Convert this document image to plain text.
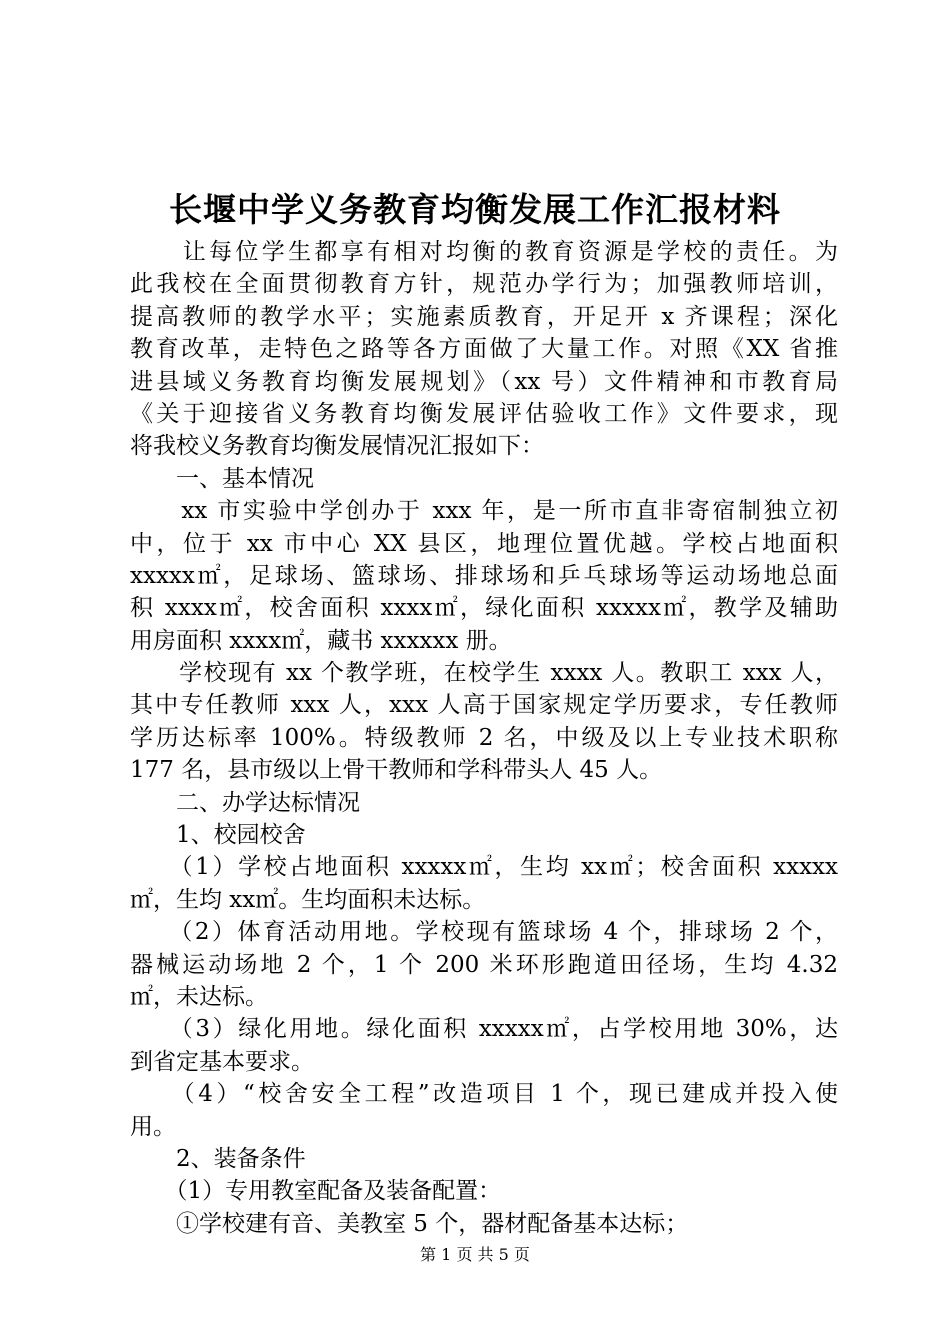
长堰中学义务教育均衡发展工作汇报材料
　　让每位学生都享有相对均衡的教育资源是学校的责任。为
此我校在全面贯彻教育方针，规范办学行为；加强教师培训，
提高教师的教学水平；实施素质教育，开足开 x 齐课程；深化
教育改革，走特色之路等各方面做了大量工作。对照《XX 省推
进县域义务教育均衡发展规划》（xx 号）文件精神和市教育局
《关于迎接省义务教育均衡发展评估验收工作》文件要求，现
将我校义务教育均衡发展情况汇报如下：
　　一、基本情况
　　xx 市实验中学创办于 xxx 年，是一所市直非寄宿制独立初
中，位于 xx 市中心 XX 县区，地理位置优越。学校占地面积
xxxxx㎡，足球场、篮球场、排球场和乒乓球场等运动场地总面
积 xxxx㎡，校舍面积 xxxx㎡，绿化面积 xxxxx㎡，教学及辅助
用房面积 xxxx㎡，藏书 xxxxxx 册。
　　学校现有 xx 个教学班，在校学生 xxxx 人。教职工 xxx 人，
其中专任教师 xxx 人，xxx 人高于国家规定学历要求，专任教师
学历达标率 100%。特级教师 2 名，中级及以上专业技术职称
177 名，县市级以上骨干教师和学科带头人 45 人。
　　二、办学达标情况
　　1、校园校舍
　　（1）学校占地面积 xxxxx㎡，生均 xx㎡；校舍面积 xxxxx
㎡，生均 xx㎡。生均面积未达标。
　　（2）体育活动用地。学校现有篮球场 4 个，排球场 2 个，
器械运动场地 2 个，1 个 200 米环形跑道田径场，生均 4.32
㎡，未达标。
　　（3）绿化用地。绿化面积 xxxxx㎡，占学校用地 30%，达
到省定基本要求。
　　（4）“校舍安全工程”改造项目 1 个，现已建成并投入使
用。
　　2、装备条件
　　（1）专用教室配备及装备配置：
　　①学校建有音、美教室 5 个，器材配备基本达标；
第 1 页 共 5 页
